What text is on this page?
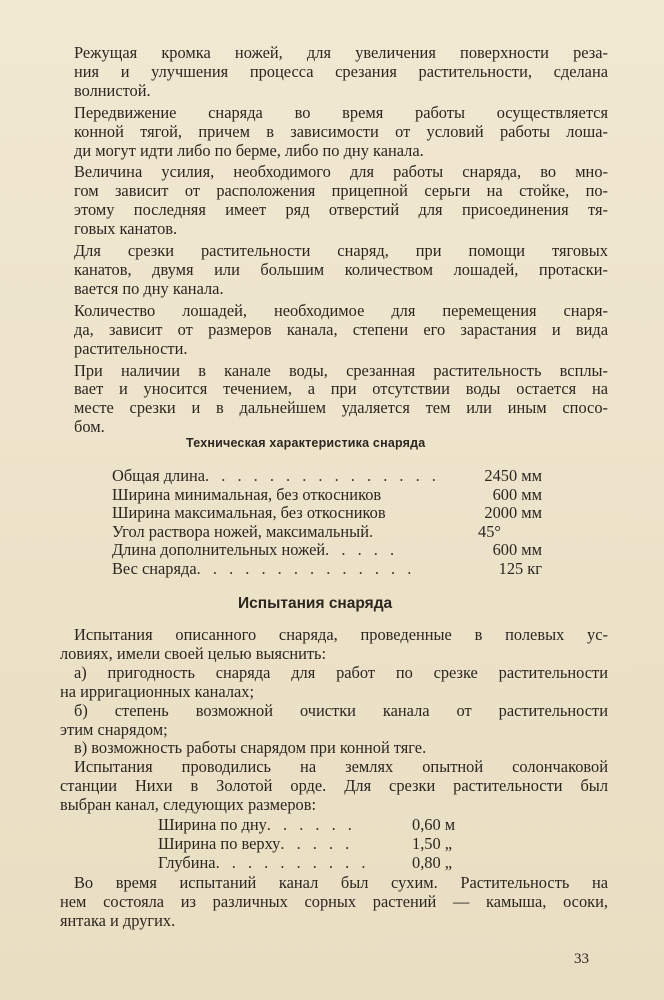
Режущая кромка ножей, для увеличения поверхности реза-
ния и улучшения процесса срезания растительности, сделана
волнистой.

Передвижение снаряда во время работы осуществляется
конной тягой, причем в зависимости от условий работы лоша-
ди могут идти либо по берме, либо по дну канала.

Величина усилия, необходимого для работы снаряда, во мно-
гом зависит от расположения прицепной серьги на стойке, по-
этому последняя имеет ряд отверстий для присоединения тя-
говых канатов.

Для срезки растительности снаряд, при помощи тяговых
канатов, двумя или большим количеством лошадей, протаски-
вается по дну канала.

Количество лошадей, необходимое для перемещения снаря-
да, зависит от размеров канала, степени его зарастания и вида
растительности.

При наличии в канале воды, срезанная растительность всплы-
вает и уносится течением, а при отсутствии воды остается на
месте срезки и в дальнейшем удаляется тем или иным спосо-
бом.

Техническая характеристика снаряда
Общая длина . . . . . . . . . . . . . . .	2450 мм
Ширина минимальная, без откосников	600 мм
Ширина максимальная, без откосников	2000 мм
Угол раствора ножей, максимальный .	45°
Длина дополнительных ножей . . . . .	600 мм
Вес снаряда . . . . . . . . . . . . . .	125 кг
Испытания снаряда
Испытания описанного снаряда, проведенные в полевых ус-
ловиях, имели своей целью выяснить:
а) пригодность снаряда для работ по срезке растительности
на ирригационных каналах;
б) степень возможной очистки канала от растительности
этим снарядом;
в) возможность работы снарядом при конной тяге.
Испытания проводились на землях опытной солончаковой
станции Нихи в Золотой орде. Для срезки растительности был
выбран канал, следующих размеров:
Ширина по дну . . . . . .	0,60 м
Ширина по верху . . . . .	1,50 „
Глубина . . . . . . . . . .	0,80 „
Во время испытаний канал был сухим. Растительность на
нем состояла из различных сорных растений — камыша, осоки,
янтака и других.
33
